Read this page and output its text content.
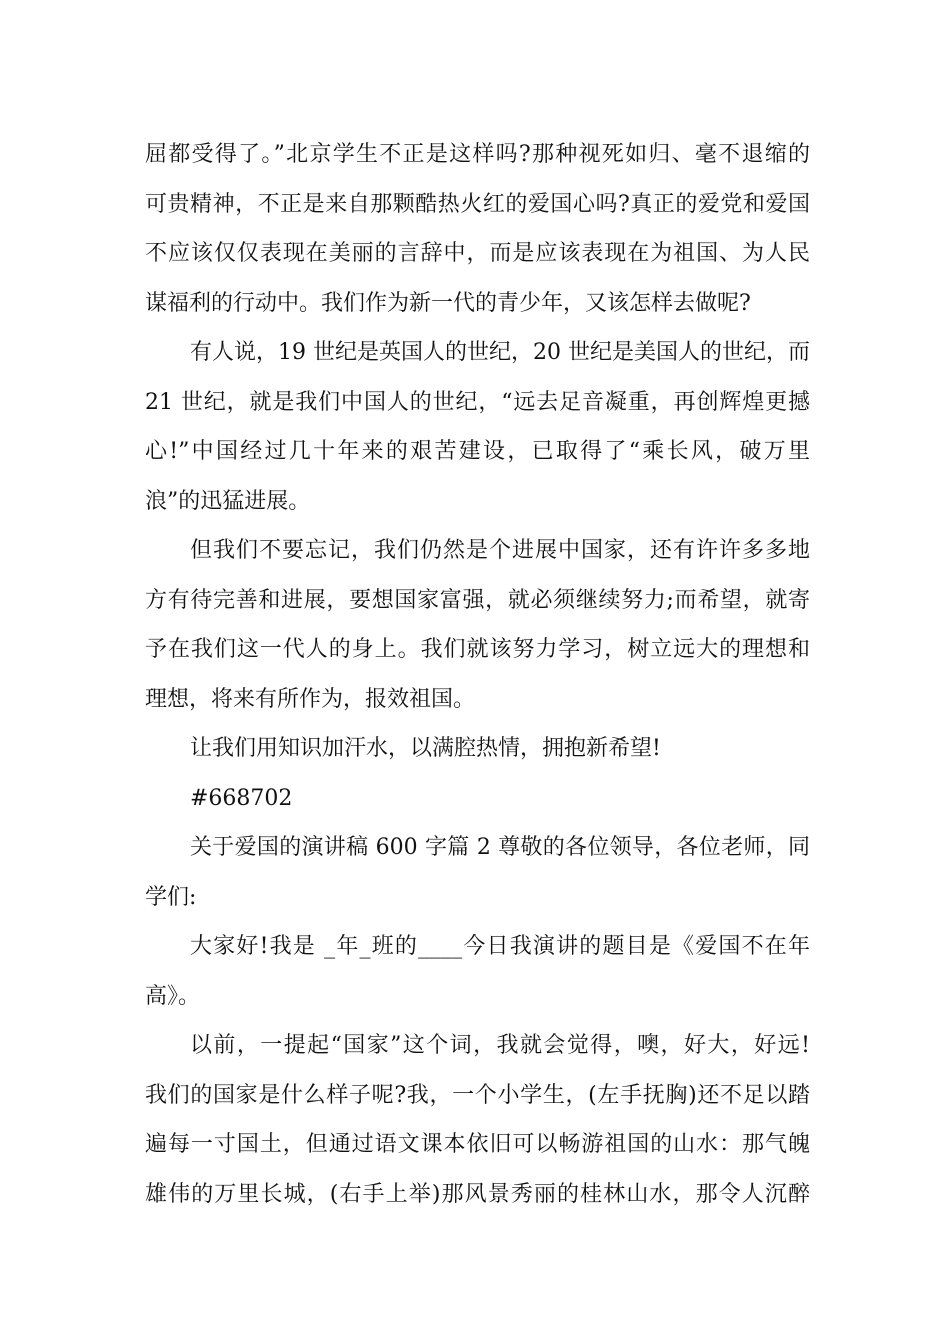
屈都受得了。”北京学生不正是这样吗?那种视死如归、毫不退缩的
可贵精神，不正是来自那颗酷热火红的爱国心吗?真正的爱党和爱国
不应该仅仅表现在美丽的言辞中，而是应该表现在为祖国、为人民
谋福利的行动中。我们作为新一代的青少年，又该怎样去做呢?
有人说，19 世纪是英国人的世纪，20 世纪是美国人的世纪，而
21 世纪，就是我们中国人的世纪，“远去足音凝重，再创辉煌更撼
心!”中国经过几十年来的艰苦建设，已取得了“乘长风，破万里
浪”的迅猛进展。
但我们不要忘记，我们仍然是个进展中国家，还有许许多多地
方有待完善和进展，要想国家富强，就必须继续努力;而希望，就寄
予在我们这一代人的身上。我们就该努力学习，树立远大的理想和
理想，将来有所作为，报效祖国。
让我们用知识加汗水，以满腔热情，拥抱新希望!
#668702
关于爱国的演讲稿 600 字篇 2 尊敬的各位领导，各位老师，同
学们:
大家好!我是 _年_班的____今日我演讲的题目是《爱国不在年
高》。
以前，一提起“国家”这个词，我就会觉得，噢，好大，好远!
我们的国家是什么样子呢?我，一个小学生，(左手抚胸)还不足以踏
遍每一寸国土，但通过语文课本依旧可以畅游祖国的山水：那气魄
雄伟的万里长城，(右手上举)那风景秀丽的桂林山水，那令人沉醉
